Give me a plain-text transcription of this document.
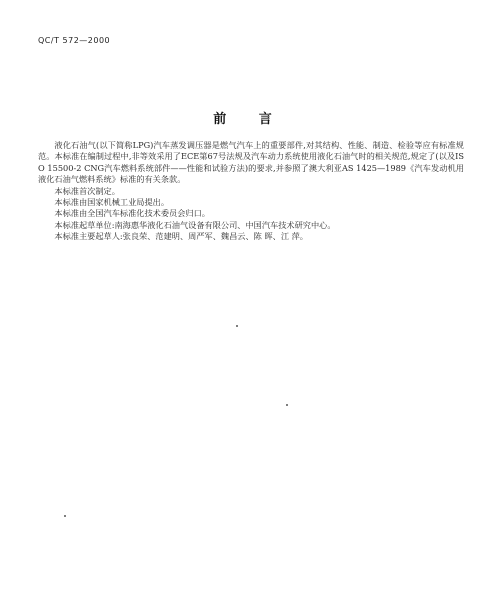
QC/T 572—2000
前 言

液化石油气(以下简称LPG)汽车蒸发调压器是燃气汽车上的重要部件,对其结构、性能、制造、检验等应有标准规范。本标准在编制过程中,非等效采用了ECE第67号法规及汽车动力系统使用液化石油气时的相关规范,规定了(以及ISO 15500-2 CNG汽车燃料系统部件——性能和试验方法)的要求,并参照了澳大利亚AS 1425—1989《汽车发动机用液化石油气燃料系统》标准的有关条款。

本标准首次制定。

本标准由国家机械工业局提出。

本标准由全国汽车标准化技术委员会归口。

本标准起草单位:南海惠华液化石油气设备有限公司、中国汽车技术研究中心。

本标准主要起草人:张良荣、范建明、周严军、魏昌云、陈 晖、江 萍。
